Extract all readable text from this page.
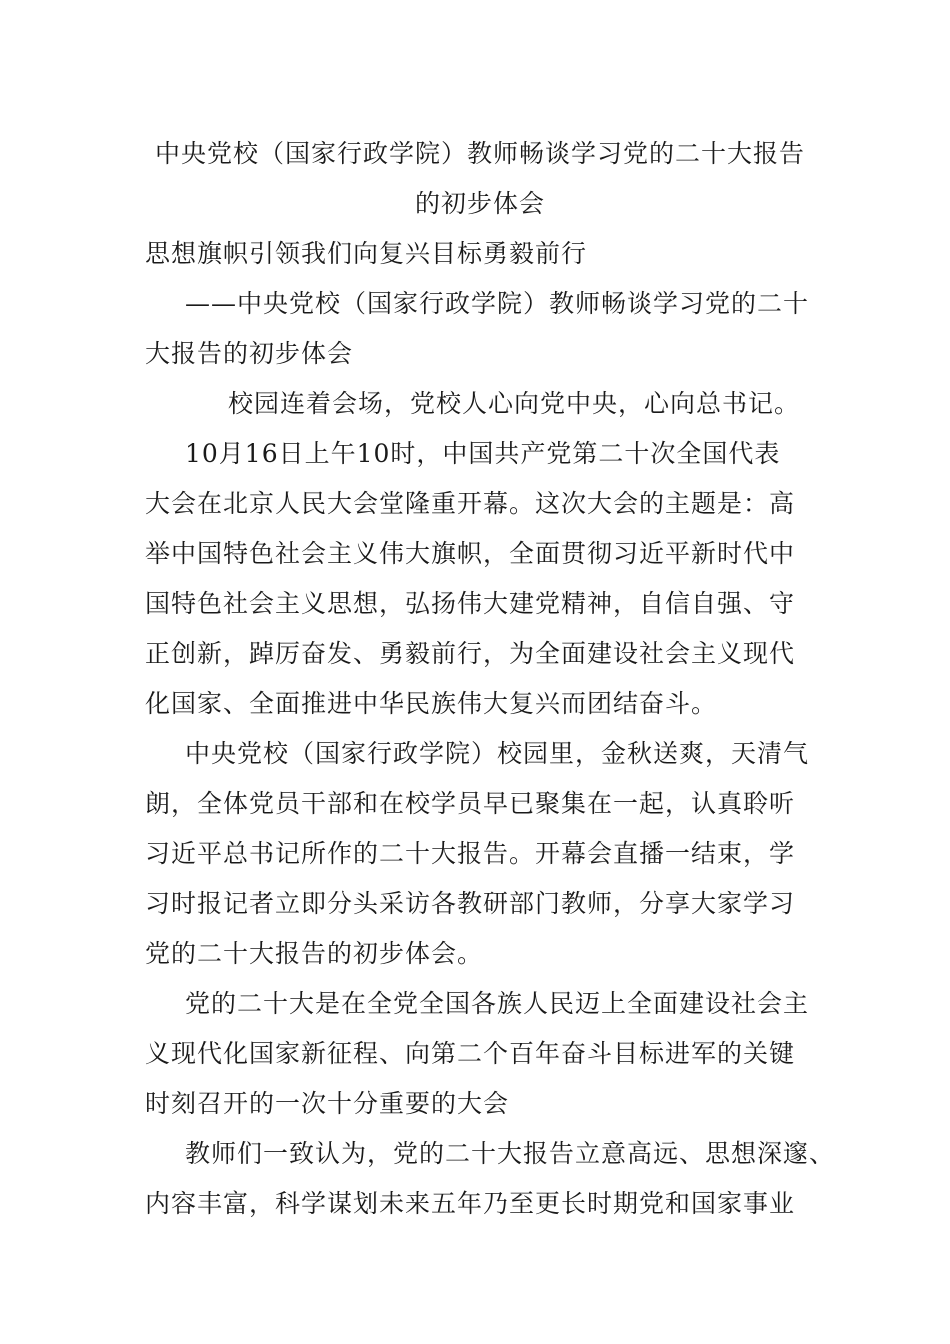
中央党校（国家行政学院）教师畅谈学习党的二十大报告
的初步体会
思想旗帜引领我们向复兴目标勇毅前行
——中央党校（国家行政学院）教师畅谈学习党的二十
大报告的初步体会
校园连着会场，党校人心向党中央，心向总书记。
10月16日上午10时，中国共产党第二十次全国代表
大会在北京人民大会堂隆重开幕。这次大会的主题是：高
举中国特色社会主义伟大旗帜，全面贯彻习近平新时代中
国特色社会主义思想，弘扬伟大建党精神，自信自强、守
正创新，踔厉奋发、勇毅前行，为全面建设社会主义现代
化国家、全面推进中华民族伟大复兴而团结奋斗。
中央党校（国家行政学院）校园里，金秋送爽，天清气
朗，全体党员干部和在校学员早已聚集在一起，认真聆听
习近平总书记所作的二十大报告。开幕会直播一结束，学
习时报记者立即分头采访各教研部门教师，分享大家学习
党的二十大报告的初步体会。
党的二十大是在全党全国各族人民迈上全面建设社会主
义现代化国家新征程、向第二个百年奋斗目标进军的关键
时刻召开的一次十分重要的大会
教师们一致认为，党的二十大报告立意高远、思想深邃、
内容丰富，科学谋划未来五年乃至更长时期党和国家事业
